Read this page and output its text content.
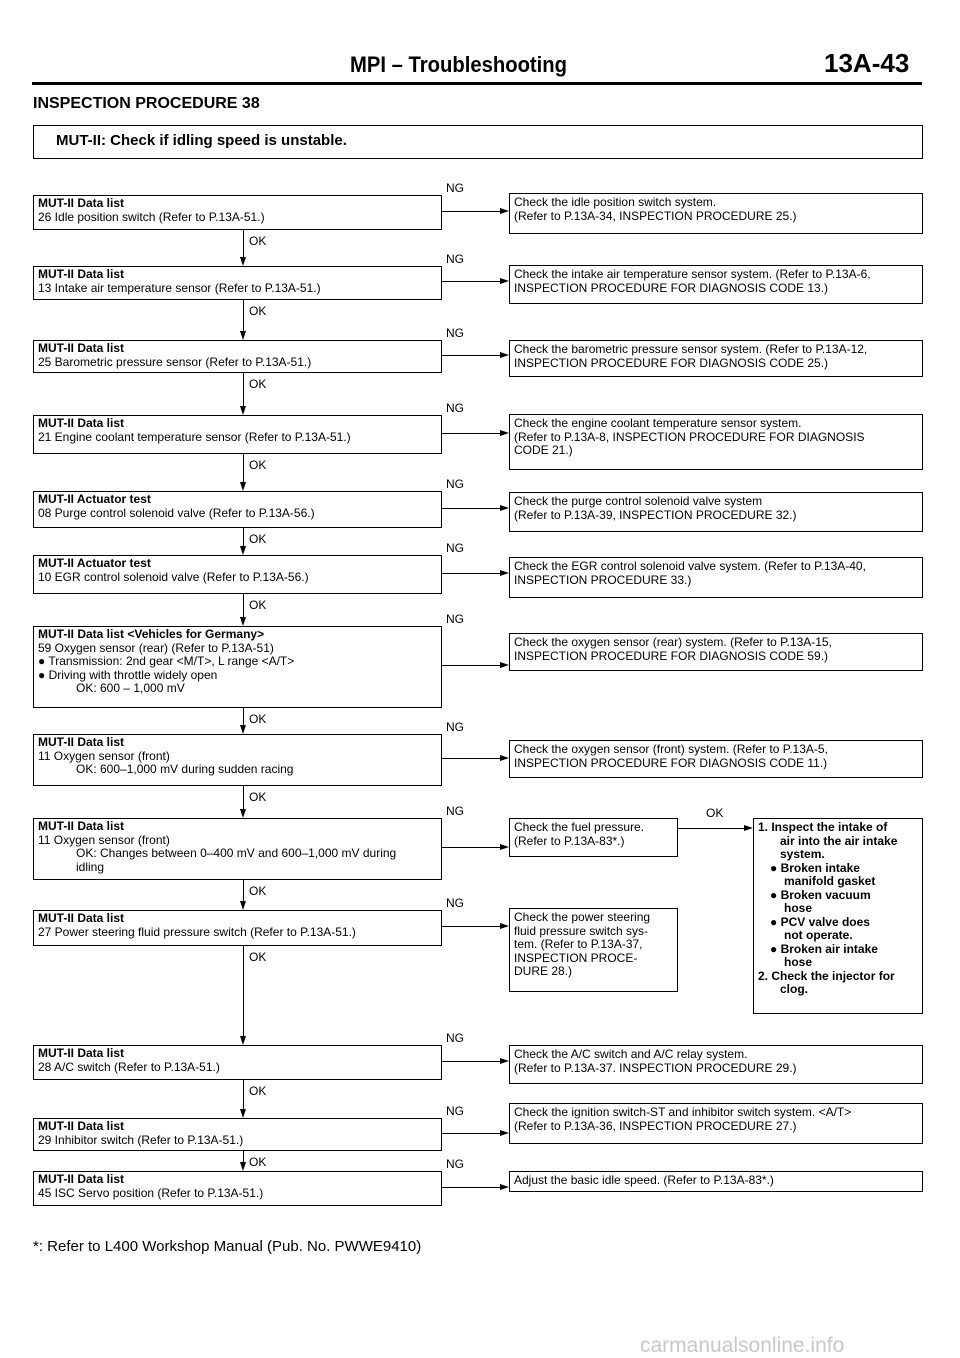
MPI – Troubleshooting	13A-43
INSPECTION PROCEDURE 38
MUT-II: Check if idling speed is unstable.
MUT-II Data list
26 Idle position switch (Refer to P.13A-51.)
NG
OK
MUT-II Data list
13 Intake air temperature sensor (Refer to P.13A-51.)
NG
OK
MUT-II Data list
25 Barometric pressure sensor (Refer to P.13A-51.)
NG
OK
MUT-II Data list
21 Engine coolant temperature sensor (Refer to P.13A-51.)
NG
OK
MUT-II Actuator test
08 Purge control solenoid valve (Refer to P.13A-56.)
NG
OK
MUT-II Actuator test
10 EGR control solenoid valve (Refer to P.13A-56.)
NG
OK
MUT-II Data list <Vehicles for Germany>
59 Oxygen sensor (rear) (Refer to P.13A-51)
● Transmission: 2nd gear <M/T>, L range <A/T>
● Driving with throttle widely open
OK: 600 – 1,000 mV
NG
OK
MUT-II Data list
11 Oxygen sensor (front)
OK: 600–1,000 mV during sudden racing
NG
OK
MUT-II Data list
11 Oxygen sensor (front)
OK: Changes between 0–400 mV and 600–1,000 mV during
idling
NG
OK
MUT-II Data list
27 Power steering fluid pressure switch (Refer to P.13A-51.)
NG
OK
MUT-II Data list
28 A/C switch (Refer to P.13A-51.)
NG
OK
MUT-II Data list
29 Inhibitor switch (Refer to P.13A-51.)
NG
OK
MUT-II Data list
45 ISC Servo position (Refer to P.13A-51.)
NG
Check the idle position switch system.
(Refer to P.13A-34, INSPECTION PROCEDURE 25.)
Check the intake air temperature sensor system. (Refer to P.13A-6,
INSPECTION PROCEDURE FOR DIAGNOSIS CODE 13.)
Check the barometric pressure sensor system. (Refer to P.13A-12,
INSPECTION PROCEDURE FOR DIAGNOSIS CODE 25.)
Check the engine coolant temperature sensor system.
(Refer to P.13A-8, INSPECTION PROCEDURE FOR DIAGNOSIS
CODE 21.)
Check the purge control solenoid valve system
(Refer to P.13A-39, INSPECTION PROCEDURE 32.)
Check the EGR control solenoid valve system. (Refer to P.13A-40,
INSPECTION PROCEDURE 33.)
Check the oxygen sensor (rear) system. (Refer to P.13A-15,
INSPECTION PROCEDURE FOR DIAGNOSIS CODE 59.)
Check the oxygen sensor (front) system. (Refer to P.13A-5,
INSPECTION PROCEDURE FOR DIAGNOSIS CODE 11.)
Check the fuel pressure.
(Refer to P.13A-83*.)
Check the power steering
fluid pressure switch sys-
tem. (Refer to P.13A-37,
INSPECTION PROCE-
DURE 28.)
Check the A/C switch and A/C relay system.
(Refer to P.13A-37. INSPECTION PROCEDURE 29.)
Check the ignition switch-ST and inhibitor switch system. <A/T>
(Refer to P.13A-36, INSPECTION PROCEDURE 27.)
Adjust the basic idle speed. (Refer to P.13A-83*.)
OK
1. Inspect the intake of
air into the air intake
system.
● Broken intake
manifold gasket
● Broken vacuum
hose
● PCV valve does
not operate.
● Broken air intake
hose
2. Check the injector for
clog.
*: Refer to L400 Workshop Manual (Pub. No. PWWE9410)
carmanualsonline.info
